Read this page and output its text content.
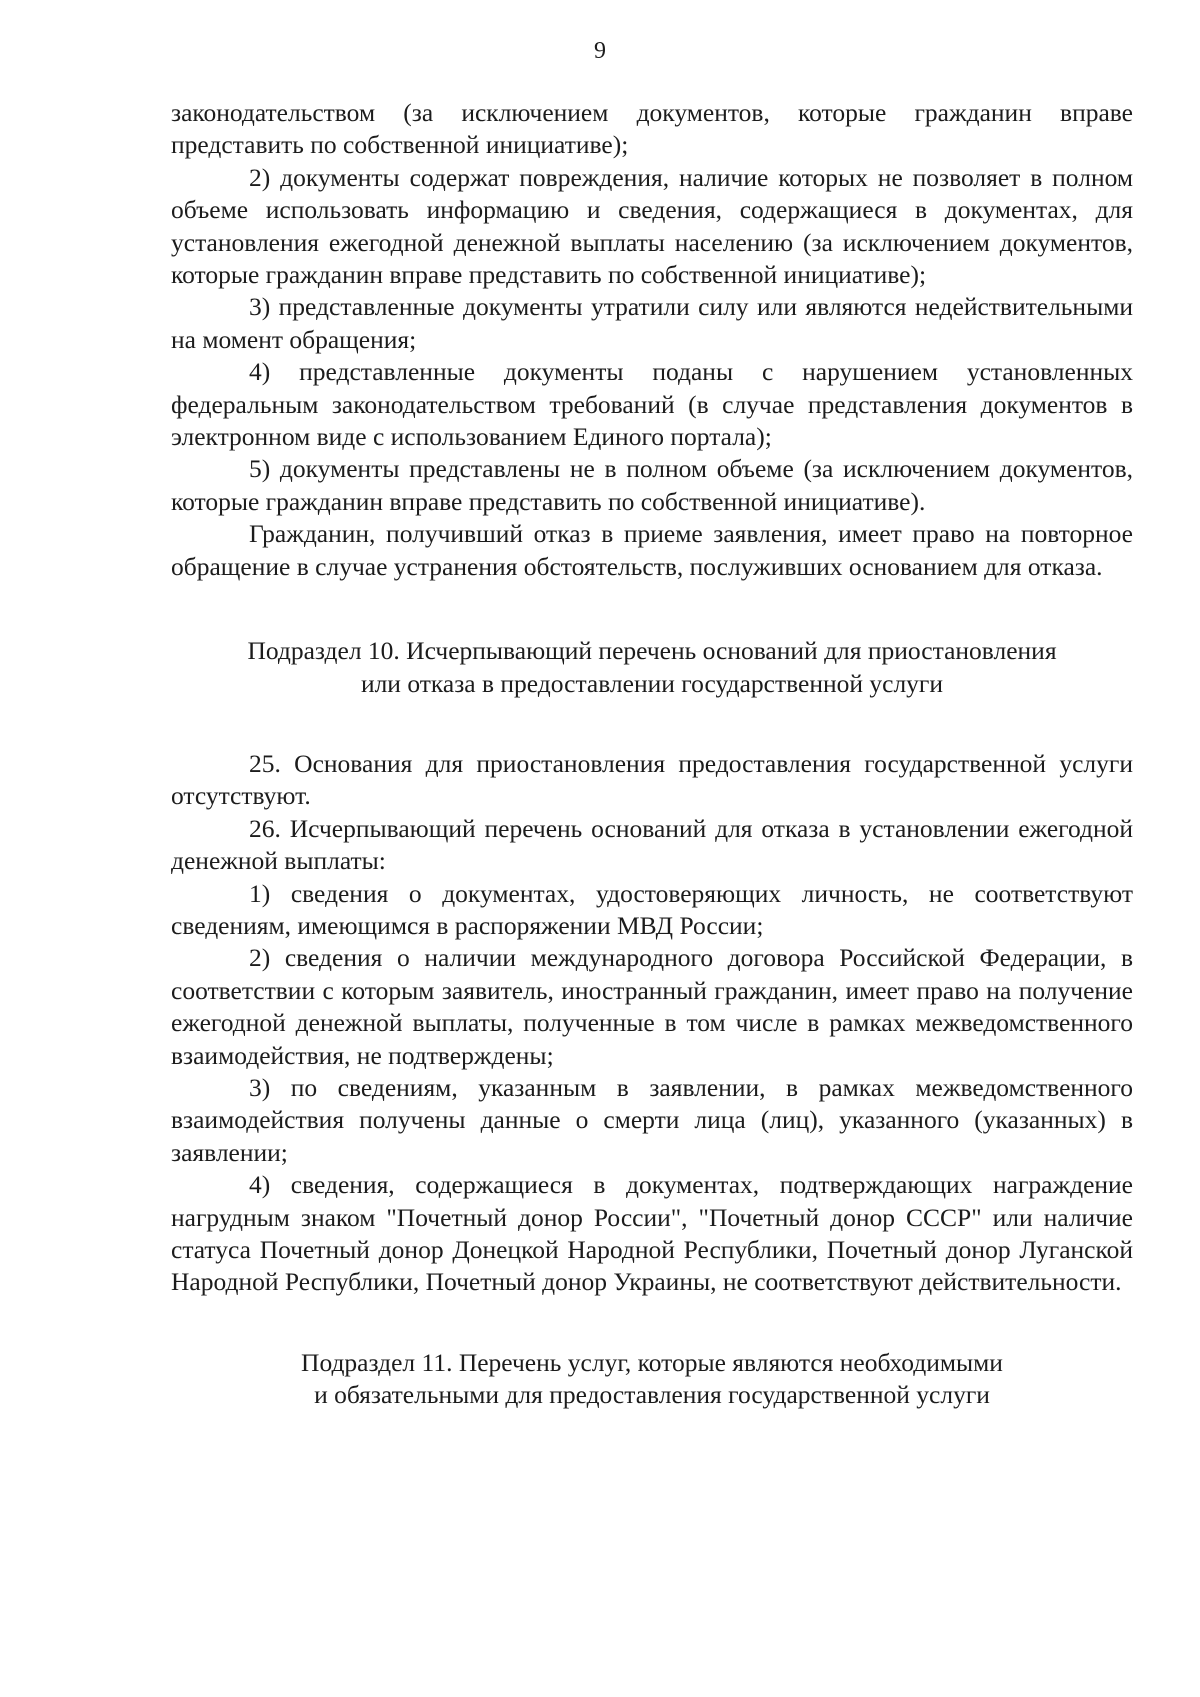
9

законодательством (за исключением документов, которые гражданин вправе представить по собственной инициативе);

2) документы содержат повреждения, наличие которых не позволяет в полном объеме использовать информацию и сведения, содержащиеся в документах, для установления ежегодной денежной выплаты населению (за исключением документов, которые гражданин вправе представить по собственной инициативе);

3) представленные документы утратили силу или являются недействительными на момент обращения;

4) представленные документы поданы с нарушением установленных федеральным законодательством требований (в случае представления документов в электронном виде с использованием Единого портала);

5) документы представлены не в полном объеме (за исключением документов, которые гражданин вправе представить по собственной инициативе).

Гражданин, получивший отказ в приеме заявления, имеет право на повторное обращение в случае устранения обстоятельств, послуживших основанием для отказа.

Подраздел 10. Исчерпывающий перечень оснований для приостановления

или отказа в предоставлении государственной услуги

25. Основания для приостановления предоставления государственной услуги отсутствуют.

26. Исчерпывающий перечень оснований для отказа в установлении ежегодной денежной выплаты:

1) сведения о документах, удостоверяющих личность, не соответствуют сведениям, имеющимся в распоряжении МВД России;

2) сведения о наличии международного договора Российской Федерации, в соответствии с которым заявитель, иностранный гражданин, имеет право на получение ежегодной денежной выплаты, полученные в том числе в рамках межведомственного взаимодействия, не подтверждены;

3) по сведениям, указанным в заявлении, в рамках межведомственного взаимодействия получены данные о смерти лица (лиц), указанного (указанных) в заявлении;

4) сведения, содержащиеся в документах, подтверждающих награждение нагрудным знаком "Почетный донор России", "Почетный донор СССР" или наличие статуса Почетный донор Донецкой Народной Республики, Почетный донор Луганской Народной Республики, Почетный донор Украины, не соответствуют действительности.

Подраздел 11. Перечень услуг, которые являются необходимыми

и обязательными для предоставления государственной услуги
